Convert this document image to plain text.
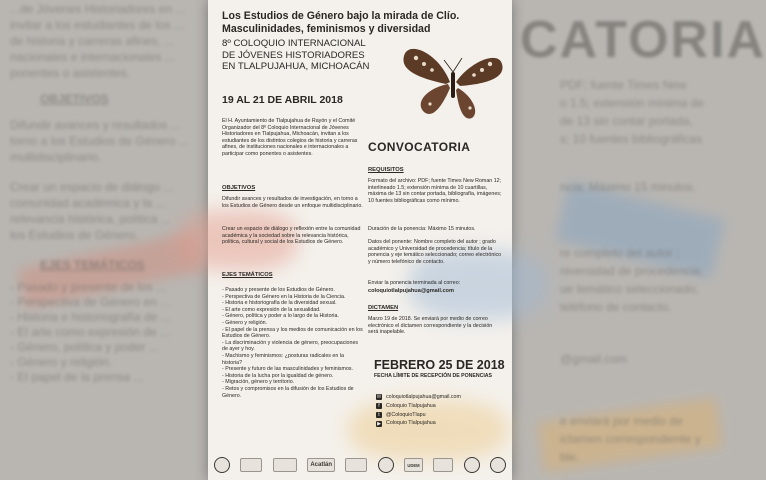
CATORIA
...de Jóvenes Historiadores en ...
invitar a los estudiantes de los ...
de historia y carreras afines, ...
nacionales e internacionales ...
ponentes o asistentes.
OBJETIVOS
Difundir avances y resultados ...
torno a los Estudios de Género ...
multidisciplinario.
Crear un espacio de diálogo ...
comunidad académica y la ...
relevancia histórica, política ...
los Estudios de Género.
EJES TEMÁTICOS
- Pasado y presente de los ...
- Perspectiva de Género en ...
- Historia e historiografía de ...
- El arte como expresión de ...
- Género, política y poder ...
- Género y religión.
- El papel de la prensa ...
PDF; fuente Times New
o 1.5; extensión mínima de
de 13 sin contar portada,
s; 10 fuentes bibliográficas
ncia: Máximo 15 minutos.
re completo del autor ;
niversidad de procedencia;
ue temático seleccionado;
teléfono de contacto.
@gmail.com
e enviará por medio de
ictamen correspondiente y
ble.
Los Estudios de Género bajo la mirada de Clío. Masculinidades, feminismos y diversidad
8º COLOQUIO INTERNACIONAL
DE JÓVENES HISTORIADORES
EN TLALPUJAHUA, MICHOACÁN
19 AL 21 DE ABRIL 2018
El H. Ayuntamiento de Tlalpujahua de Rayón y el Comité Organizador del 8º Coloquio Internacional de Jóvenes Historiadores en Tlalpujahua, Michoacán, invitan a los estudiantes de los distintos colegios de historia y carreras afines, de instituciones nacionales e internacionales a participar como ponentes o asistentes.
OBJETIVOS
Difundir avances y resultados de investigación, en torno a los Estudios de Género desde un enfoque multidisciplinario.
Crear un espacio de diálogo y reflexión entre la comunidad académica y la sociedad sobre la relevancia histórica, política, cultural y social de los Estudios de Género.
EJES TEMÁTICOS
- Pasado y presente de los Estudios de Género.
- Perspectiva de Género en la Historia de la Ciencia.
- Historia e historiografía de la diversidad sexual.
- El arte como expresión de la sexualidad.
- Género, política y poder a lo largo de la Historia.
- Género y religión.
- El papel de la prensa y los medios de comunicación en los Estudios de Género.
- La discriminación y violencia de género, preocupaciones de ayer y hoy.
- Machismo y feminismos: ¿posturas radicales en la historia?
- Presente y futuro de las masculinidades y feminismos.
- Historia de la lucha por la igualdad de género.
- Migración, género y territorio.
- Retos y compromisos en la difusión de los Estudios de Género.
CONVOCATORIA
REQUISITOS
Formato del archivo: PDF; fuente Times New Roman 12; interlineado 1.5; extensión mínima de 10 cuartillas, máxima de 13 sin contar portada, bibliografía, imágenes; 10 fuentes bibliográficas como mínimo.
Duración de la ponencia: Máximo 15 minutos.
Datos del ponente: Nombre completo del autor ; grado académico y Universidad de procedencia; título de la ponencia y eje temático seleccionado; correo electrónico y número telefónico de contacto.
Enviar la ponencia terminada al correo:
coloquiotlalpujahua@gmail.com
DICTAMEN
Marzo 19 de 2018. Se enviará por medio de correo electrónico el dictamen correspondiente y la decisión será inapelable.
FEBRERO 25 DE 2018
FECHA LÍMITE DE RECEPCIÓN DE PONENCIAS
✉ coloquiotlalpujahua@gmail.com
f	Coloquio Tlalpujahua
t	@ColoquioTlapu
▶ Coloquio Tlalpujahua
Acatlán	UDEM
